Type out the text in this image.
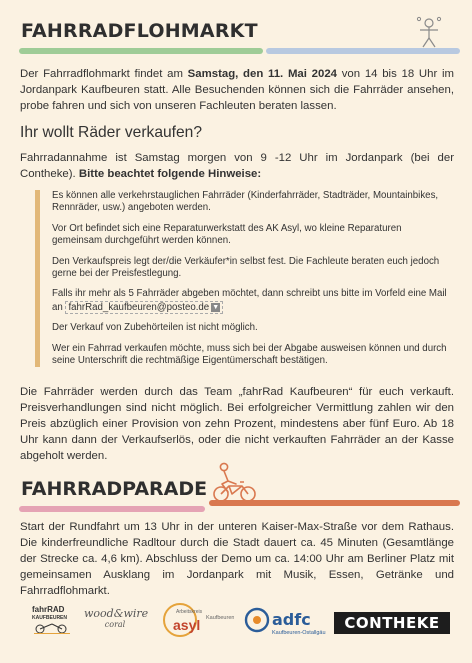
FAHRRADFLOHMARKT
Der Fahrradflohmarkt findet am Samstag, den 11. Mai 2024 von 14 bis 18 Uhr im Jordanpark Kaufbeuren statt. Alle Besuchenden können sich die Fahrräder ansehen, probe fahren und sich von unseren Fachleuten beraten lassen.
Ihr wollt Räder verkaufen?
Fahrradannahme ist Samstag morgen von 9 -12 Uhr im Jordanpark (bei der Contheke). Bitte beachtet folgende Hinweise:

Es können alle verkehrstauglichen Fahrräder (Kinderfahrräder, Stadträder, Mountainbikes, Rennräder, usw.) angeboten werden.

Vor Ort befindet sich eine Reparaturwerkstatt des AK Asyl, wo kleine Reparaturen gemeinsam durchgeführt werden können.

Den Verkaufspreis legt der/die Verkäufer*in selbst fest. Die Fachleute beraten euch jedoch gerne bei der Preisfestlegung.

Falls ihr mehr als 5 Fahrräder abgeben möchtet, dann schreibt uns bitte im Vorfeld eine Mail an fahrRad_kaufbeuren@posteo.de ▼

Der Verkauf von Zubehörteilen ist nicht möglich.

Wer ein Fahrrad verkaufen möchte, muss sich bei der Abgabe ausweisen können und durch seine Unterschrift die rechtmäßige Eigentümerschaft bestätigen.

Die Fahrräder werden durch das Team „fahrRad Kaufbeuren“ für euch verkauft. Preisverhandlungen sind nicht möglich. Bei erfolgreicher Vermittlung zahlen wir den Preis abzüglich einer Provision von zehn Prozent, mindestens aber fünf Euro. Ab 18 Uhr kann dann der Verkaufserlös, oder die nicht verkauften Fahrräder an der Kasse abgeholt werden.
FAHRRADPARADE
Start der Rundfahrt um 13 Uhr in der unteren Kaiser-Max-Straße vor dem Rathaus. Die kinderfreundliche Radltour durch die Stadt dauert ca. 45 Minuten (Gesamtlänge der Strecke ca. 4,6 km). Abschluss der Demo um ca. 14:00 Uhr am Berliner Platz mit gemeinsamen Ausklang im Jordanpark mit Musik, Essen, Getränke und Fahrradflohmarkt.
fahrRAD
KAUFBEUREN	wood&wire
coral
Arbeitskreis
asyl Kaufbeuren adfc
Kaufbeuren-Ostallgäu
CONTHEKE
